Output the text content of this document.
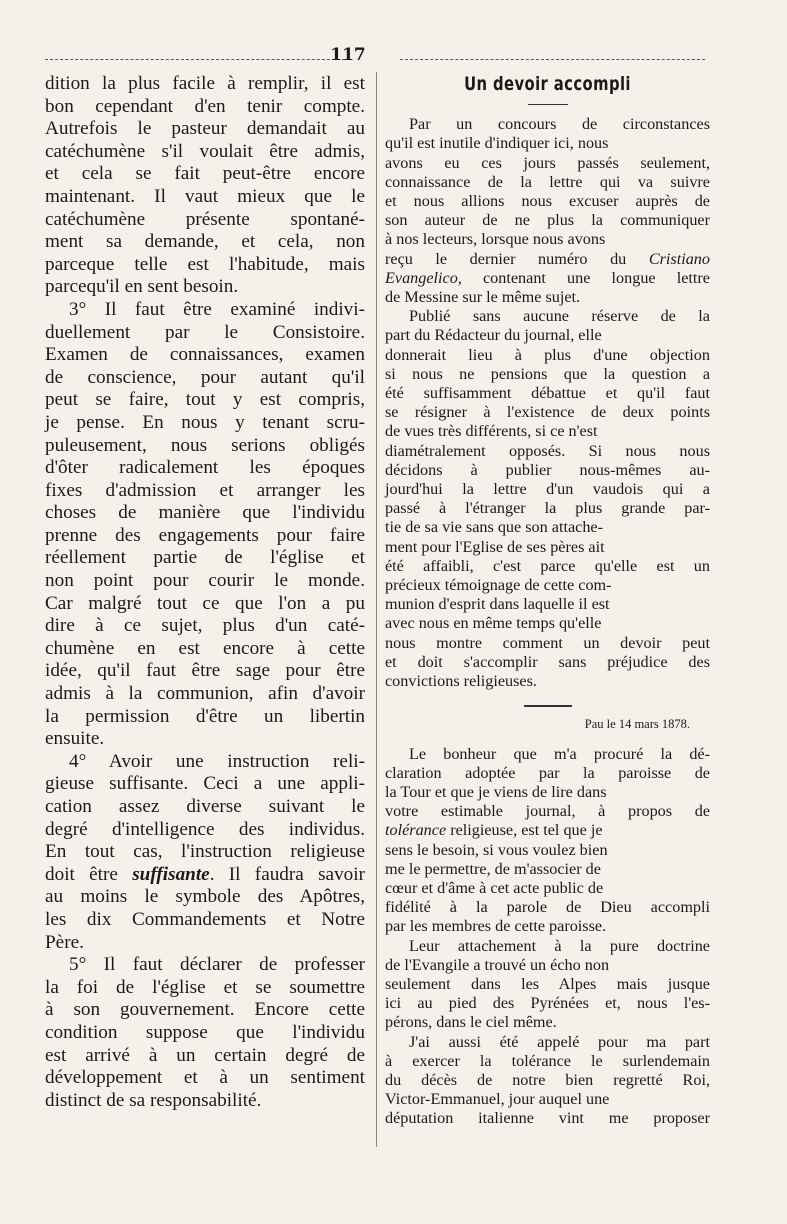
117

dition la plus facile à remplir, il est
bon cependant d'en tenir compte.
Autrefois le pasteur demandait au
catéchumène s'il voulait être admis,
et cela se fait peut-être encore
maintenant. Il vaut mieux que le
catéchumène présente spontané-
ment sa demande, et cela, non
parceque telle est l'habitude, mais
parcequ'il en sent besoin.

3° Il faut être examiné indivi-
duellement par le Consistoire.
Examen de connaissances, examen
de conscience, pour autant qu'il
peut se faire, tout y est compris,
je pense. En nous y tenant scru-
puleusement, nous serions obligés
d'ôter radicalement les époques
fixes d'admission et arranger les
choses de manière que l'individu
prenne des engagements pour faire
réellement partie de l'église et
non point pour courir le monde.
Car malgré tout ce que l'on a pu
dire à ce sujet, plus d'un caté-
chumène en est encore à cette
idée, qu'il faut être sage pour être
admis à la communion, afin d'avoir
la permission d'être un libertin
ensuite.

4° Avoir une instruction reli-
gieuse suffisante. Ceci a une appli-
cation assez diverse suivant le
degré d'intelligence des individus.
En tout cas, l'instruction religieuse
doit être suffisante. Il faudra savoir
au moins le symbole des Apôtres,
les dix Commandements et Notre
Père.

5° Il faut déclarer de professer
la foi de l'église et se soumettre
à son gouvernement. Encore cette
condition suppose que l'individu
est arrivé à un certain degré de
développement et à un sentiment
distinct de sa responsabilité.

Un devoir accompli

Par un concours de circonstances
qu'il est inutile d'indiquer ici, nous
avons eu ces jours passés seulement,
connaissance de la lettre qui va suivre
et nous allions nous excuser auprès de
son auteur de ne plus la communiquer
à nos lecteurs, lorsque nous avons
reçu le dernier numéro du Cristiano
Evangelico, contenant une longue lettre
de Messine sur le même sujet.

Publié sans aucune réserve de la
part du Rédacteur du journal, elle
donnerait lieu à plus d'une objection
si nous ne pensions que la question a
été suffisamment débattue et qu'il faut
se résigner à l'existence de deux points
de vues très différents, si ce n'est
diamétralement opposés. Si nous nous
décidons à publier nous-mêmes au-
jourd'hui la lettre d'un vaudois qui a
passé à l'étranger la plus grande par-
tie de sa vie sans que son attache-
ment pour l'Eglise de ses pères ait
été affaibli, c'est parce qu'elle est un
précieux témoignage de cette com-
munion d'esprit dans laquelle il est
avec nous en même temps qu'elle
nous montre comment un devoir peut
et doit s'accomplir sans préjudice des
convictions religieuses.

Pau le 14 mars 1878.

Le bonheur que m'a procuré la dé-
claration adoptée par la paroisse de
la Tour et que je viens de lire dans
votre estimable journal, à propos de
tolérance religieuse, est tel que je
sens le besoin, si vous voulez bien
me le permettre, de m'associer de
cœur et d'âme à cet acte public de
fidélité à la parole de Dieu accompli
par les membres de cette paroisse.

Leur attachement à la pure doctrine
de l'Evangile a trouvé un écho non
seulement dans les Alpes mais jusque
ici au pied des Pyrénées et, nous l'es-
pérons, dans le ciel même.

J'ai aussi été appelé pour ma part
à exercer la tolérance le surlendemain
du décès de notre bien regretté Roi,
Victor-Emmanuel, jour auquel une
députation italienne vint me proposer
